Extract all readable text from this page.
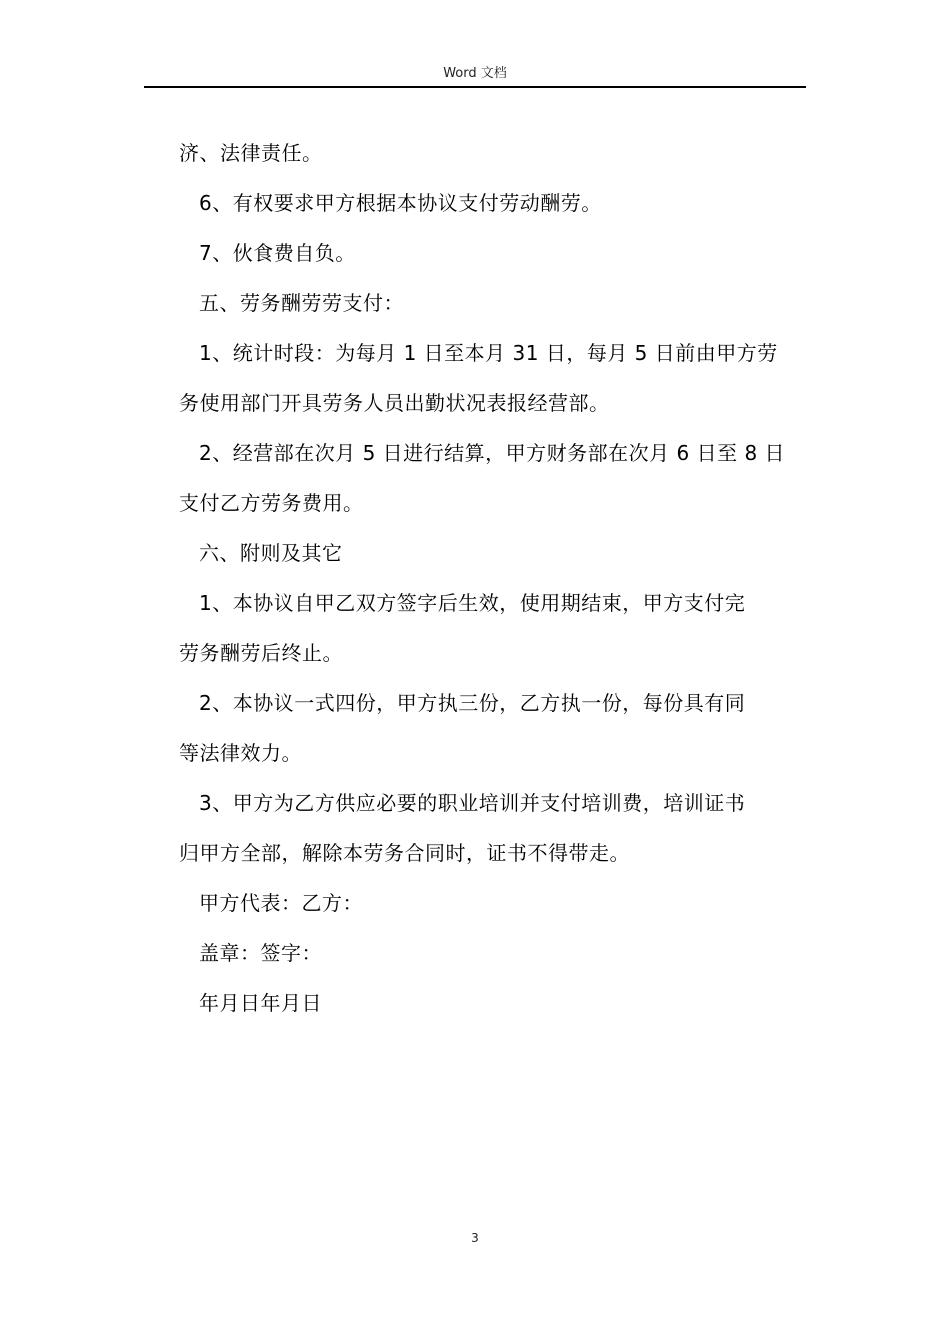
Word 文档

济、法律责任。

6、有权要求甲方根据本协议支付劳动酬劳。

7、伙食费自负。

五、劳务酬劳劳支付：

1、统计时段：为每月 1 日至本月 31 日，每月 5 日前由甲方劳

务使用部门开具劳务人员出勤状况表报经营部。

2、经营部在次月 5 日进行结算，甲方财务部在次月 6 日至 8 日

支付乙方劳务费用。

六、附则及其它

1、本协议自甲乙双方签字后生效，使用期结束，甲方支付完

劳务酬劳后终止。

2、本协议一式四份，甲方执三份，乙方执一份，每份具有同

等法律效力。

3、甲方为乙方供应必要的职业培训并支付培训费，培训证书

归甲方全部，解除本劳务合同时，证书不得带走。

甲方代表：乙方：

盖章：签字：

年月日年月日

3
